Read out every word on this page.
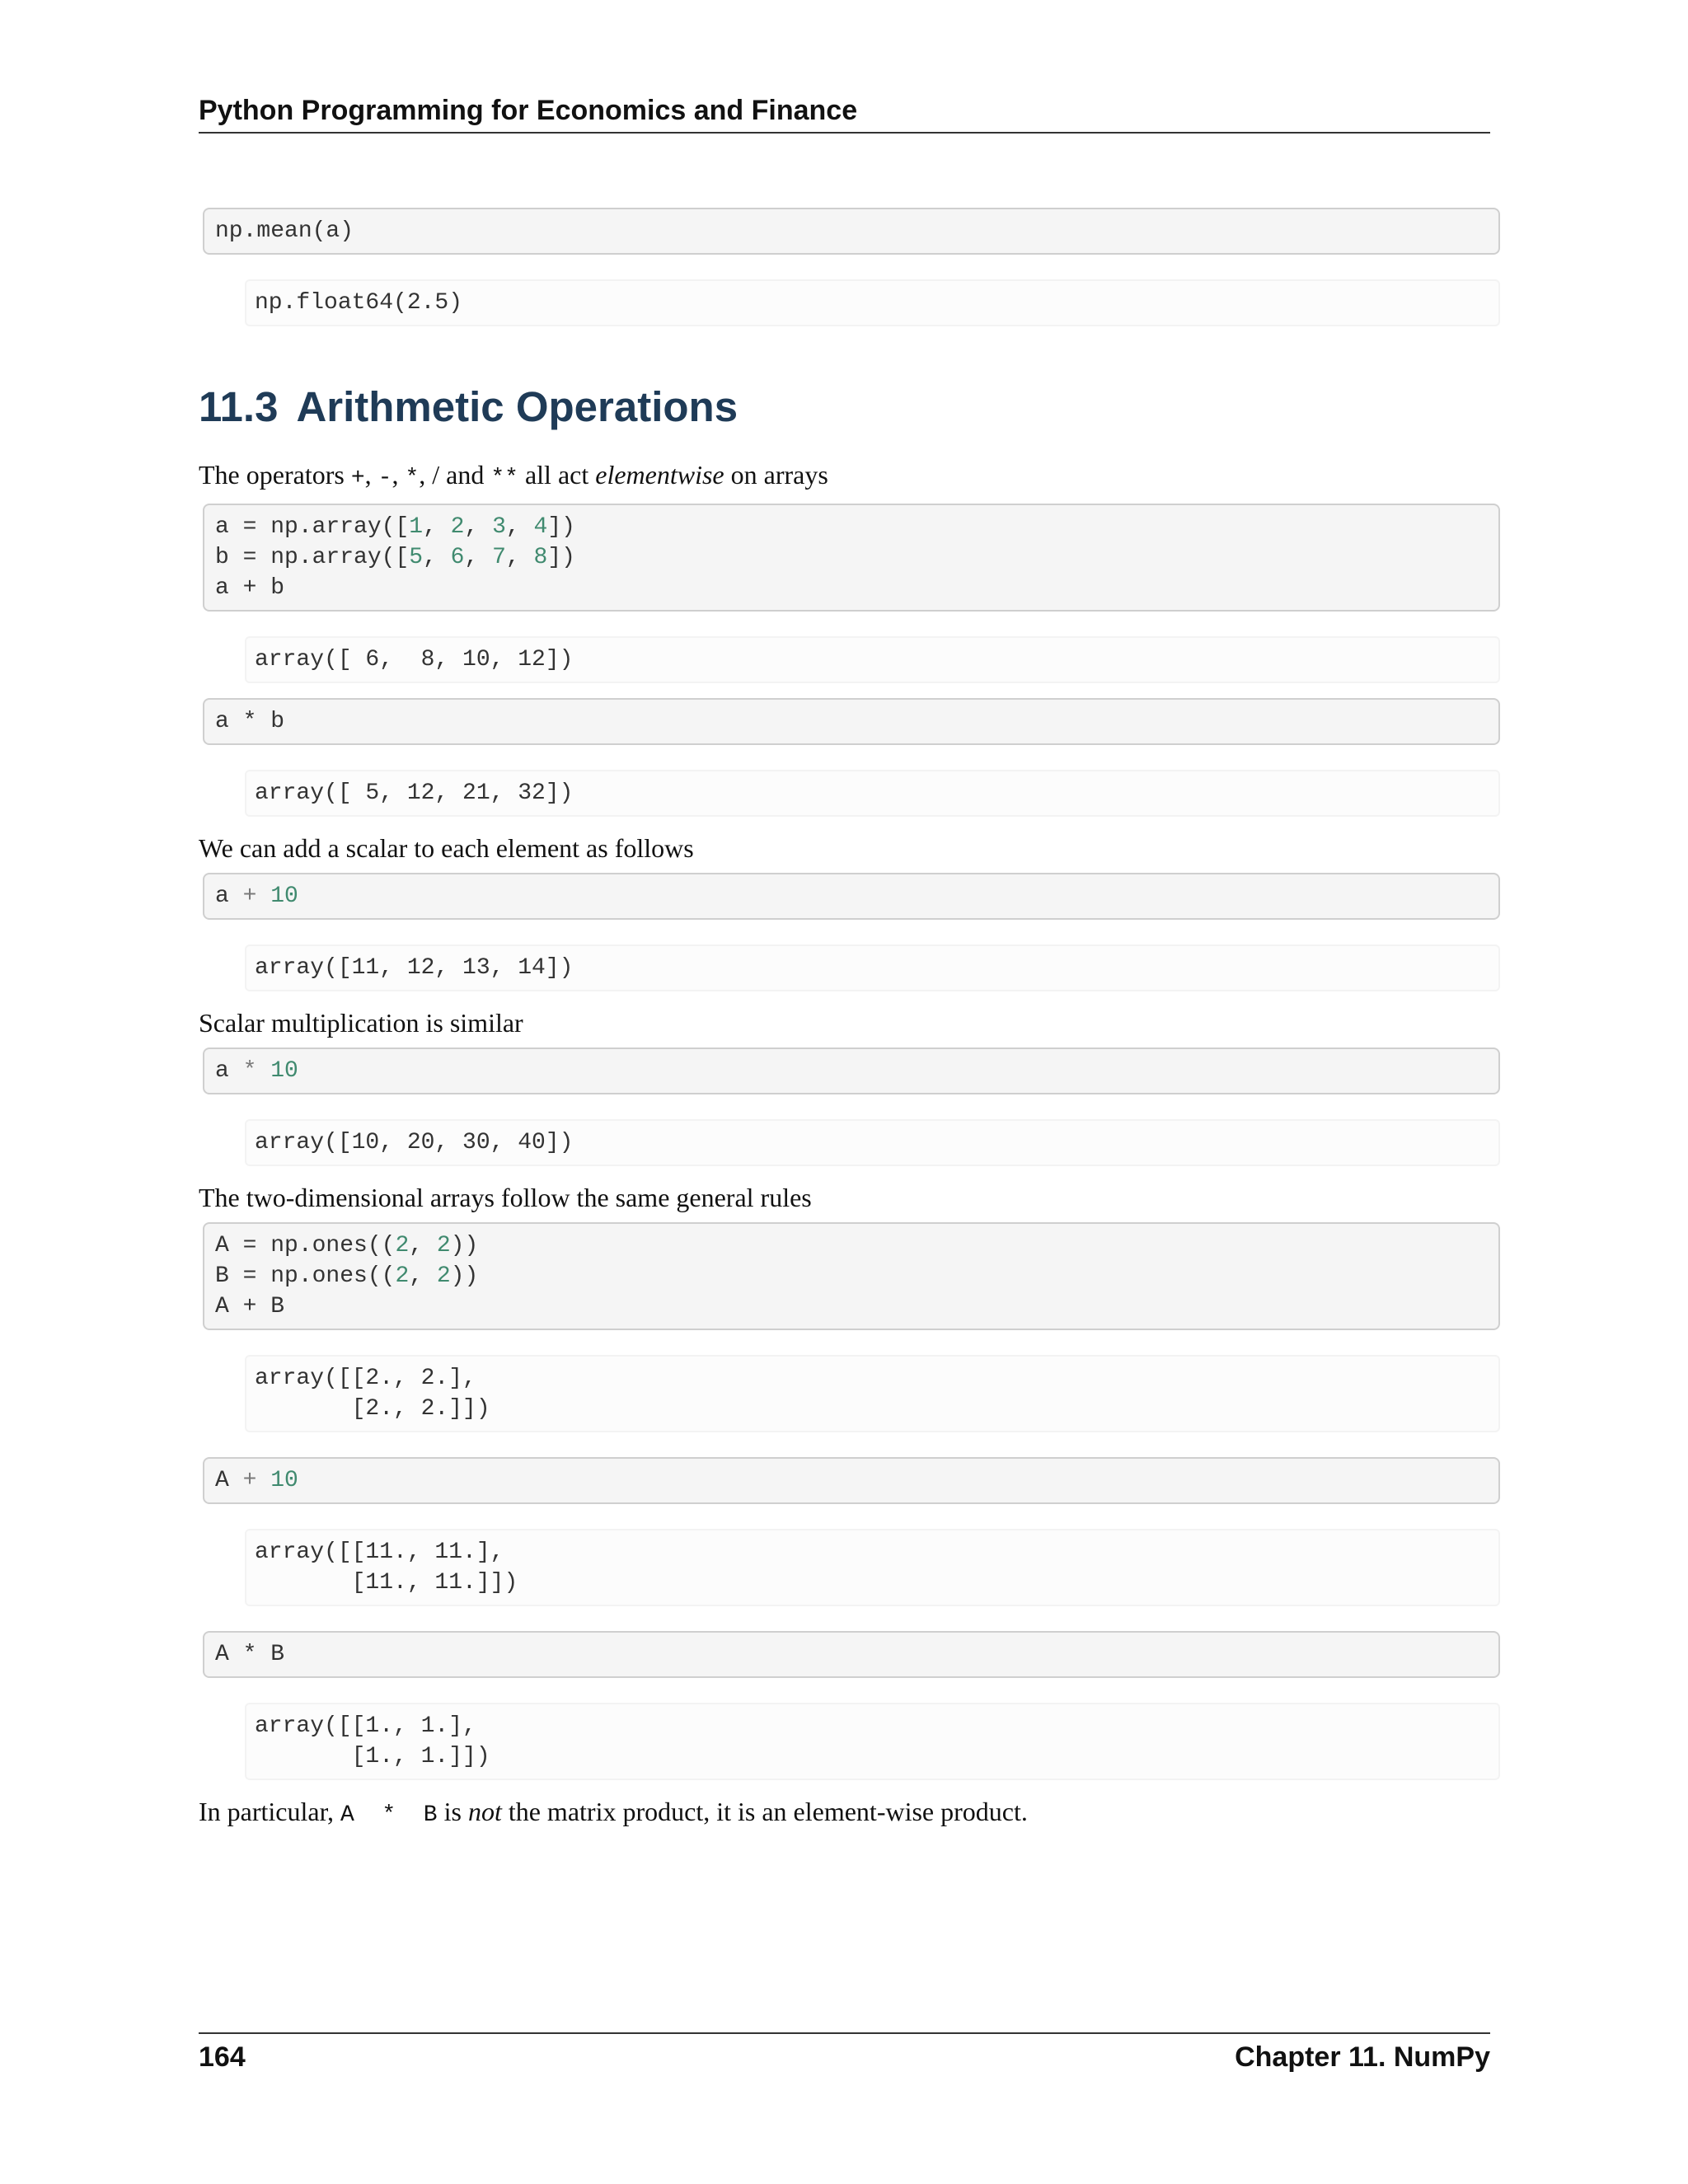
Python Programming for Economics and Finance
np.mean(a)
np.float64(2.5)
11.3 Arithmetic Operations

The operators +, -, *, / and ** all act elementwise on arrays

a = np.array([1, 2, 3, 4])
b = np.array([5, 6, 7, 8])
a + b
array([ 6,  8, 10, 12])
a * b
array([ 5, 12, 21, 32])

We can add a scalar to each element as follows

a + 10
array([11, 12, 13, 14])

Scalar multiplication is similar

a * 10
array([10, 20, 30, 40])

The two-dimensional arrays follow the same general rules

A = np.ones((2, 2))
B = np.ones((2, 2))
A + B
array([[2., 2.],
[2., 2.]])
A + 10
array([[11., 11.],
[11., 11.]])
A * B
array([[1., 1.],
[1., 1.]])

In particular, A  *  B is not the matrix product, it is an element-wise product.

164	Chapter 11. NumPy
